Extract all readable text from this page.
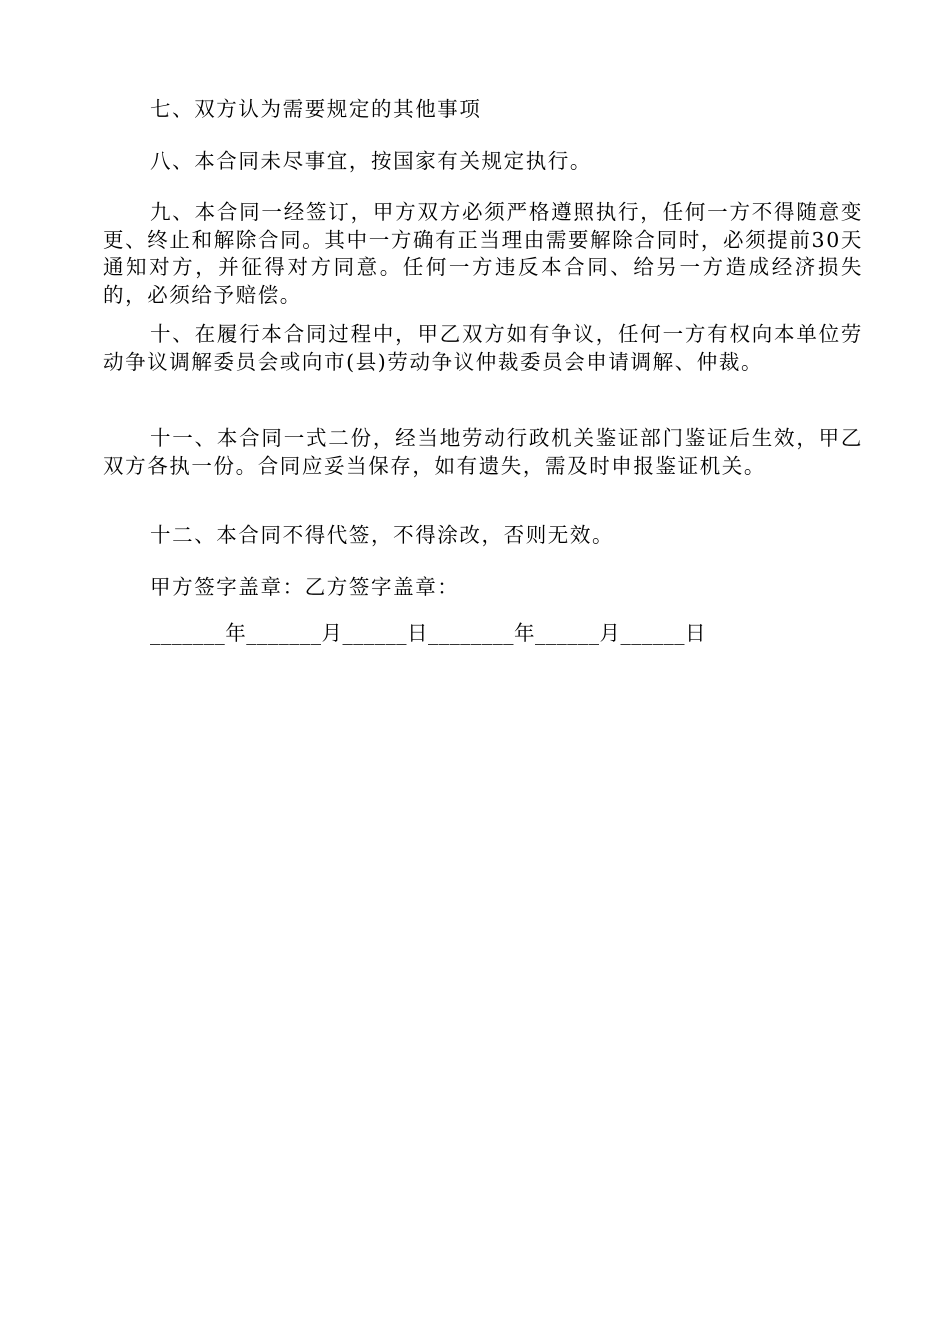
七、双方认为需要规定的其他事项

八、本合同未尽事宜，按国家有关规定执行。

九、本合同一经签订，甲方双方必须严格遵照执行，任何一方不得随意变更、终止和解除合同。其中一方确有正当理由需要解除合同时，必须提前30天通知对方，并征得对方同意。任何一方违反本合同、给另一方造成经济损失的，必须给予赔偿。

十、在履行本合同过程中，甲乙双方如有争议，任何一方有权向本单位劳动争议调解委员会或向市(县)劳动争议仲裁委员会申请调解、仲裁。

十一、本合同一式二份，经当地劳动行政机关鉴证部门鉴证后生效，甲乙双方各执一份。合同应妥当保存，如有遗失，需及时申报鉴证机关。

十二、本合同不得代签，不得涂改，否则无效。

甲方签字盖章：乙方签字盖章：

_______年_______月______日________年______月______日
